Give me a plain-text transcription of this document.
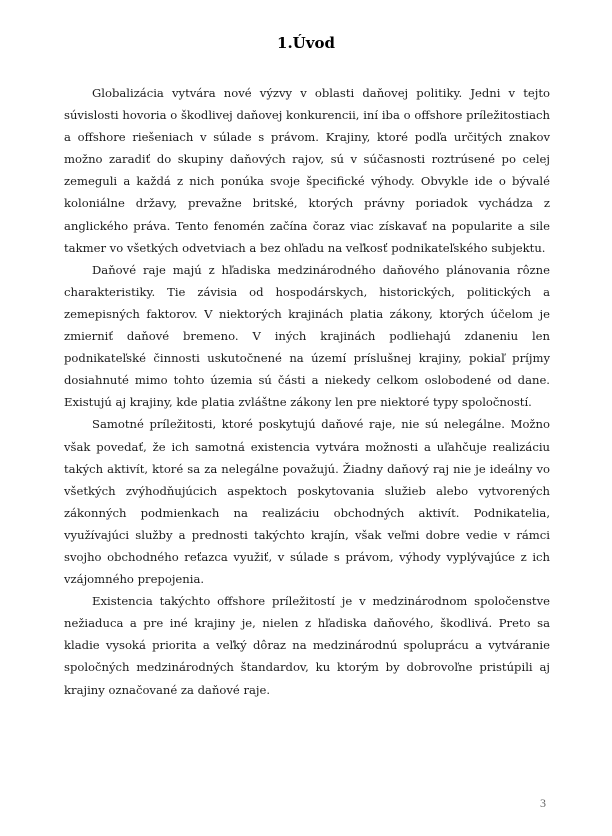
1.Úvod

Globalizácia vytvára nové výzvy v oblasti daňovej politiky. Jedni v tejto súvislosti hovoria o škodlivej daňovej konkurencii, iní iba o offshore príležitostiach a offshore riešeniach v súlade s právom. Krajiny, ktoré podľa určitých znakov možno zaradiť do skupiny daňových rajov, sú v súčasnosti roztrúsené po celej zemeguli a každá z nich ponúka svoje špecifické výhody. Obvykle ide o bývalé koloniálne državy, prevažne britské, ktorých právny poriadok vychádza z anglického práva. Tento fenomén začína čoraz viac získavať na popularite a sile takmer vo všetkých odvetviach a bez ohľadu na veľkosť podnikateľského subjektu.

Daňové raje majú z hľadiska medzinárodného daňového plánovania rôzne charakteristiky. Tie závisia od hospodárskych, historických, politických a zemepisných faktorov. V niektorých krajinách platia zákony, ktorých účelom je zmierniť daňové bremeno. V iných krajinách podliehajú zdaneniu len podnikateľské činnosti uskutočnené na území príslušnej krajiny, pokiaľ príjmy dosiahnuté mimo tohto územia sú části a niekedy celkom oslobodené od dane. Existujú aj krajiny, kde platia zvláštne zákony len pre niektoré typy spoločností.

Samotné príležitosti, ktoré poskytujú daňové raje, nie sú nelegálne. Možno však povedať, že ich samotná existencia vytvára možnosti a uľahčuje realizáciu takých aktivít, ktoré sa za nelegálne považujú. Žiadny daňový raj nie je ideálny vo všetkých zvýhodňujúcich aspektoch poskytovania služieb alebo vytvorených zákonných podmienkach na realizáciu obchodných aktivít. Podnikatelia, využívajúci služby a prednosti takýchto krajín, však veľmi dobre vedie v rámci svojho obchodného reťazca využiť, v súlade s právom, výhody vyplývajúce z ich vzájomného prepojenia.

Existencia takýchto offshore príležitostí je v medzinárodnom spoločenstve nežiaduca a pre iné krajiny je, nielen z hľadiska daňového, škodlivá. Preto sa kladie vysoká priorita a veľký dôraz na medzinárodnú spoluprácu a vytváranie spoločných medzinárodných štandardov, ku ktorým by dobrovoľne pristúpili aj krajiny označované za daňové raje.

3
